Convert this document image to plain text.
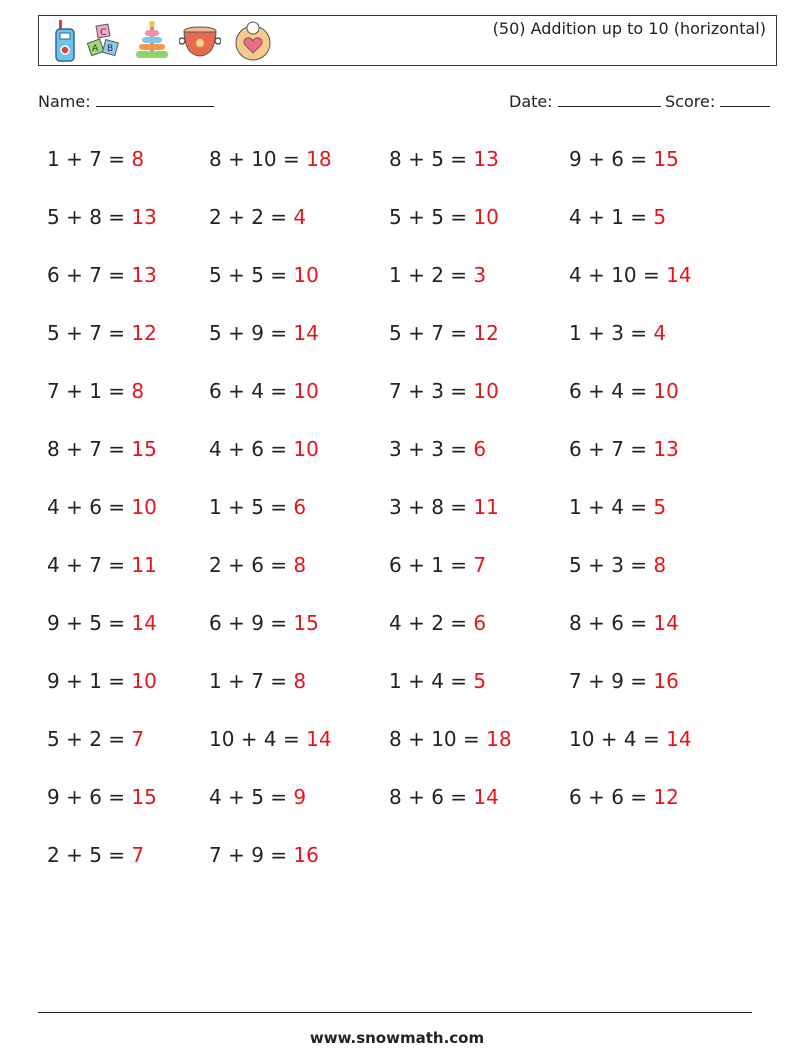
C
A B
(50) Addition up to 10 (horizontal)
Name:	Date:	Score:
1 + 7 = 8	8 + 10 = 18	8 + 5 = 13	9 + 6 = 15
5 + 8 = 13	2 + 2 = 4	5 + 5 = 10	4 + 1 = 5
6 + 7 = 13	5 + 5 = 10	1 + 2 = 3	4 + 10 = 14
5 + 7 = 12	5 + 9 = 14	5 + 7 = 12	1 + 3 = 4
7 + 1 = 8	6 + 4 = 10	7 + 3 = 10	6 + 4 = 10
8 + 7 = 15	4 + 6 = 10	3 + 3 = 6	6 + 7 = 13
4 + 6 = 10	1 + 5 = 6	3 + 8 = 11	1 + 4 = 5
4 + 7 = 11	2 + 6 = 8	6 + 1 = 7	5 + 3 = 8
9 + 5 = 14	6 + 9 = 15	4 + 2 = 6	8 + 6 = 14
9 + 1 = 10	1 + 7 = 8	1 + 4 = 5	7 + 9 = 16
5 + 2 = 7	10 + 4 = 14	8 + 10 = 18	10 + 4 = 14
9 + 6 = 15	4 + 5 = 9	8 + 6 = 14	6 + 6 = 12
2 + 5 = 7	7 + 9 = 16
www.snowmath.com
